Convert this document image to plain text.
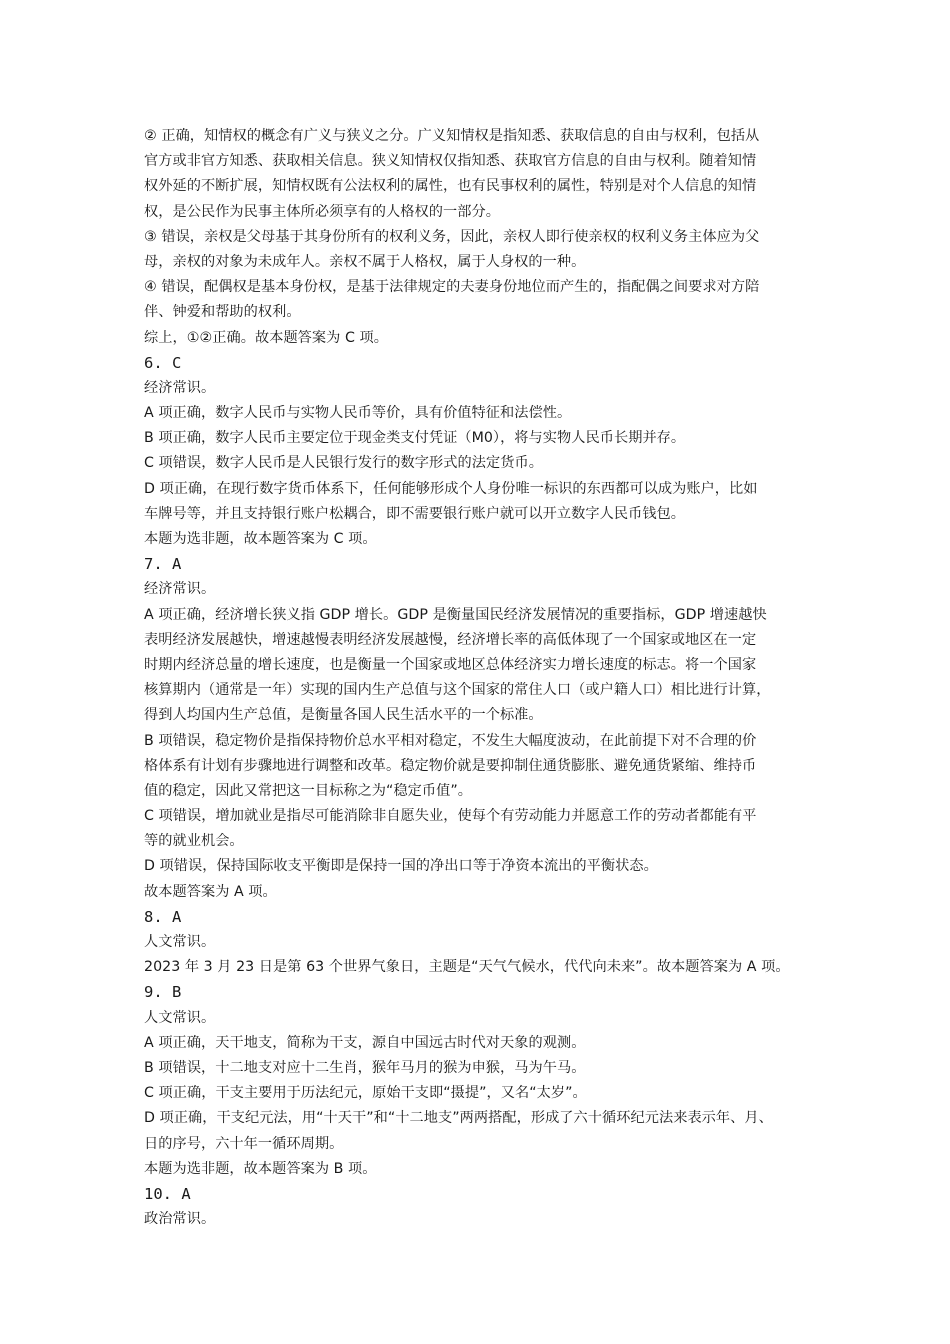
② 正确，知情权的概念有广义与狭义之分。广义知情权是指知悉、获取信息的自由与权利，包括从
官方或非官方知悉、获取相关信息。狭义知情权仅指知悉、获取官方信息的自由与权利。随着知情
权外延的不断扩展，知情权既有公法权利的属性，也有民事权利的属性，特别是对个人信息的知情
权，是公民作为民事主体所必须享有的人格权的一部分。
③ 错误，亲权是父母基于其身份所有的权利义务，因此，亲权人即行使亲权的权利义务主体应为父
母，亲权的对象为未成年人。亲权不属于人格权，属于人身权的一种。
④ 错误，配偶权是基本身份权，是基于法律规定的夫妻身份地位而产生的，指配偶之间要求对方陪
伴、钟爱和帮助的权利。
综上，①②正确。故本题答案为 C 项。
6. C
经济常识。
A 项正确，数字人民币与实物人民币等价，具有价值特征和法偿性。
B 项正确，数字人民币主要定位于现金类支付凭证（M0），将与实物人民币长期并存。
C 项错误，数字人民币是人民银行发行的数字形式的法定货币。
D 项正确，在现行数字货币体系下，任何能够形成个人身份唯一标识的东西都可以成为账户，比如
车牌号等，并且支持银行账户松耦合，即不需要银行账户就可以开立数字人民币钱包。
本题为选非题，故本题答案为 C 项。
7. A
经济常识。
A 项正确，经济增长狭义指 GDP 增长。GDP 是衡量国民经济发展情况的重要指标，GDP 增速越快
表明经济发展越快，增速越慢表明经济发展越慢，经济增长率的高低体现了一个国家或地区在一定
时期内经济总量的增长速度，也是衡量一个国家或地区总体经济实力增长速度的标志。将一个国家
核算期内（通常是一年）实现的国内生产总值与这个国家的常住人口（或户籍人口）相比进行计算，
得到人均国内生产总值，是衡量各国人民生活水平的一个标准。
B 项错误，稳定物价是指保持物价总水平相对稳定，不发生大幅度波动，在此前提下对不合理的价
格体系有计划有步骤地进行调整和改革。稳定物价就是要抑制住通货膨胀、避免通货紧缩、维持币
值的稳定，因此又常把这一目标称之为“稳定币值”。
C 项错误，增加就业是指尽可能消除非自愿失业，使每个有劳动能力并愿意工作的劳动者都能有平
等的就业机会。
D 项错误，保持国际收支平衡即是保持一国的净出口等于净资本流出的平衡状态。
故本题答案为 A 项。
8. A
人文常识。
2023 年 3 月 23 日是第 63 个世界气象日，主题是“天气气候水，代代向未来”。故本题答案为 A 项。
9. B
人文常识。
A 项正确，天干地支，简称为干支，源自中国远古时代对天象的观测。
B 项错误，十二地支对应十二生肖，猴年马月的猴为申猴，马为午马。
C 项正确，干支主要用于历法纪元，原始干支即“摄提”，又名“太岁”。
D 项正确，干支纪元法，用“十天干”和“十二地支”两两搭配，形成了六十循环纪元法来表示年、月、
日的序号，六十年一循环周期。
本题为选非题，故本题答案为 B 项。
10. A
政治常识。
